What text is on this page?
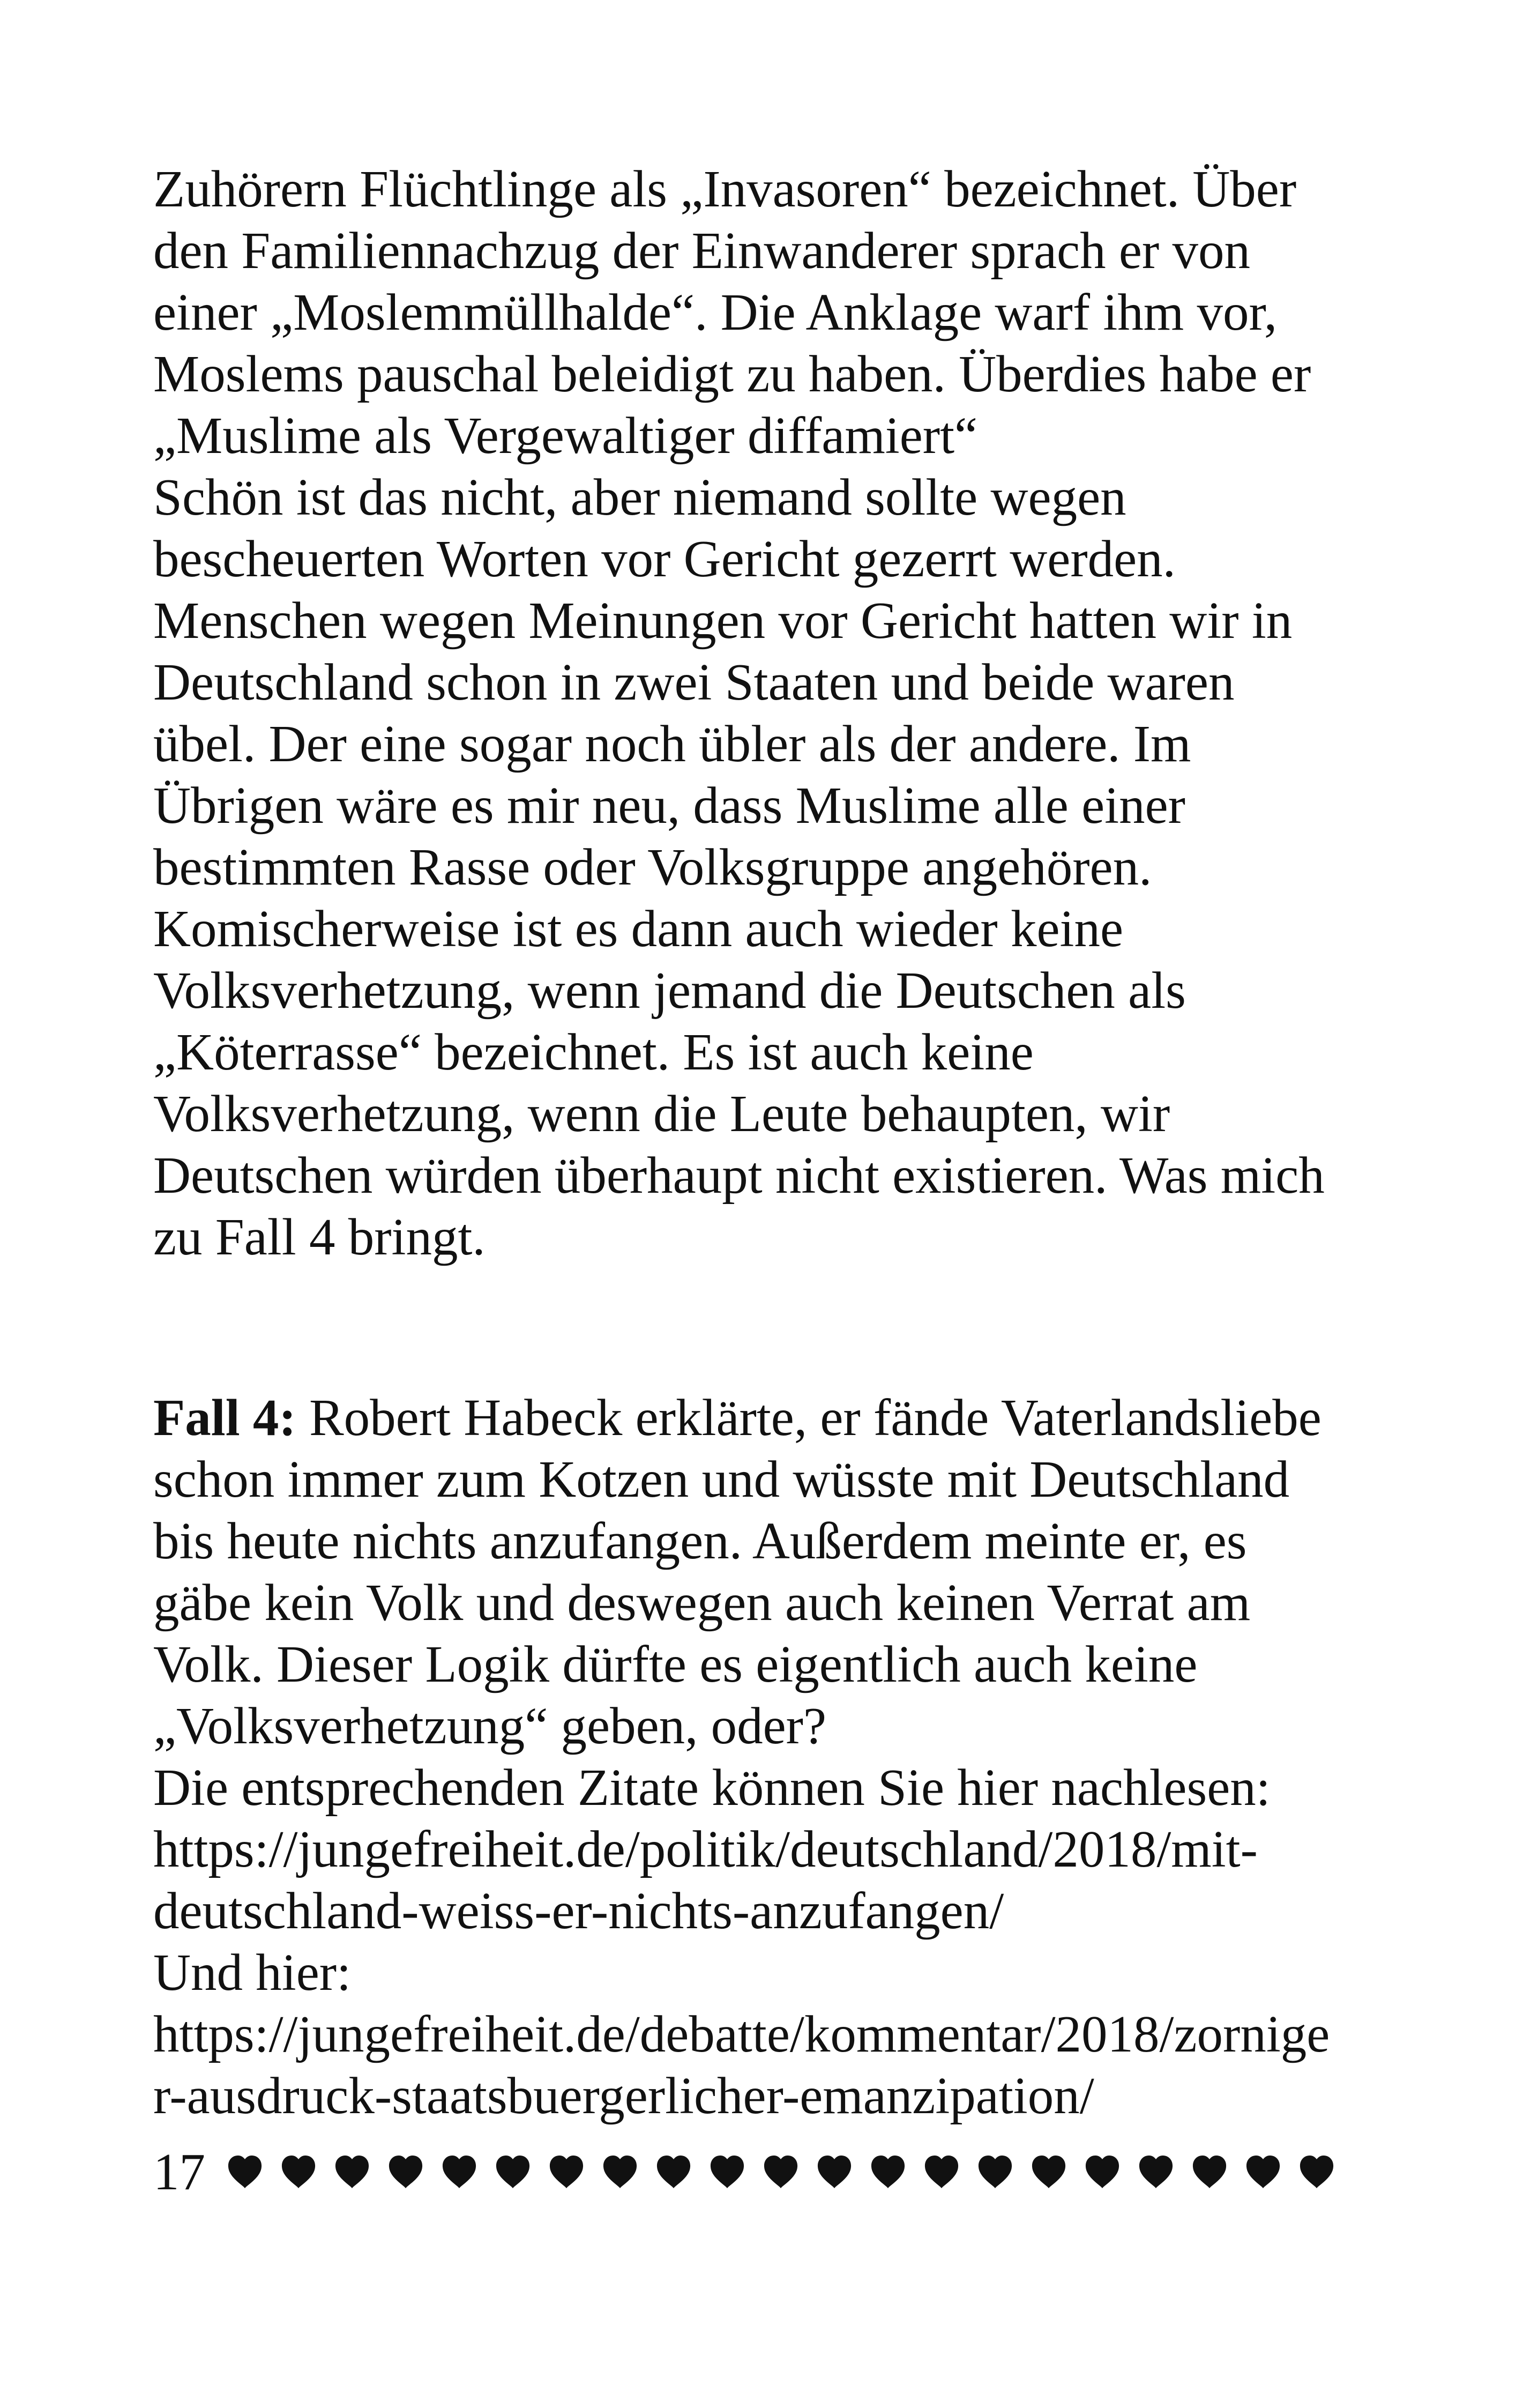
Zuhörern Flüchtlinge als „Invasoren“ bezeichnet. Über
den Familiennachzug der Einwanderer sprach er von
einer „Moslemmüllhalde“. Die Anklage warf ihm vor,
Moslems pauschal beleidigt zu haben. Überdies habe er
„Muslime als Vergewaltiger diffamiert“
Schön ist das nicht, aber niemand sollte wegen
bescheuerten Worten vor Gericht gezerrt werden.
Menschen wegen Meinungen vor Gericht hatten wir in
Deutschland schon in zwei Staaten und beide waren
übel. Der eine sogar noch übler als der andere. Im
Übrigen wäre es mir neu, dass Muslime alle einer
bestimmten Rasse oder Volksgruppe angehören.
Komischerweise ist es dann auch wieder keine
Volksverhetzung, wenn jemand die Deutschen als
„Köterrasse“ bezeichnet. Es ist auch keine
Volksverhetzung, wenn die Leute behaupten, wir
Deutschen würden überhaupt nicht existieren. Was mich
zu Fall 4 bringt.
Fall 4: Robert Habeck erklärte, er fände Vaterlandsliebe
schon immer zum Kotzen und wüsste mit Deutschland
bis heute nichts anzufangen. Außerdem meinte er, es
gäbe kein Volk und deswegen auch keinen Verrat am
Volk. Dieser Logik dürfte es eigentlich auch keine
„Volksverhetzung“ geben, oder?
Die entsprechenden Zitate können Sie hier nachlesen:
https://jungefreiheit.de/politik/deutschland/2018/mit-
deutschland-weiss-er-nichts-anzufangen/
Und hier:
https://jungefreiheit.de/debatte/kommentar/2018/zornige
r-ausdruck-staatsbuergerlicher-emanzipation/
17
